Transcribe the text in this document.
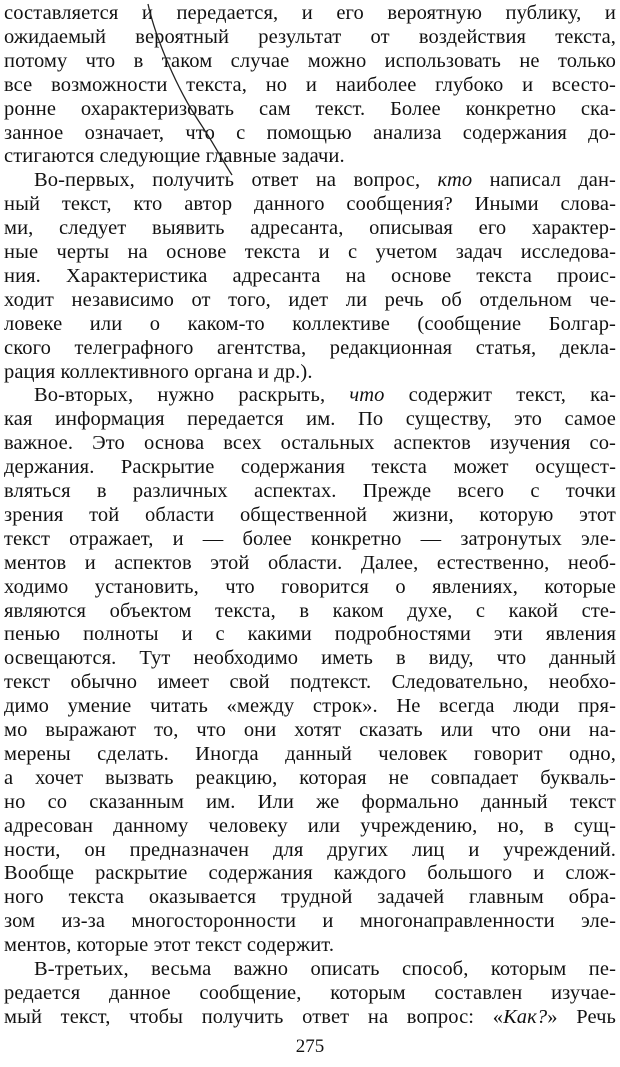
составляется и передается, и его вероятную публику, и
ожидаемый вероятный результат от воздействия текста,
потому что в таком случае можно использовать не только
все возможности текста, но и наиболее глубоко и всесто-
ронне охарактеризовать сам текст. Более конкретно ска-
занное означает, что с помощью анализа содержания до-
стигаются следующие главные задачи.
Во-первых, получить ответ на вопрос, кто написал дан-
ный текст, кто автор данного сообщения? Иными слова-
ми, следует выявить адресанта, описывая его характер-
ные черты на основе текста и с учетом задач исследова-
ния. Характеристика адресанта на основе текста проис-
ходит независимо от того, идет ли речь об отдельном че-
ловеке или о каком-то коллективе (сообщение Болгар-
ского телеграфного агентства, редакционная статья, декла-
рация коллективного органа и др.).
Во-вторых, нужно раскрыть, что содержит текст, ка-
кая информация передается им. По существу, это самое
важное. Это основа всех остальных аспектов изучения со-
держания. Раскрытие содержания текста может осущест-
вляться в различных аспектах. Прежде всего с точки
зрения той области общественной жизни, которую этот
текст отражает, и — более конкретно — затронутых эле-
ментов и аспектов этой области. Далее, естественно, необ-
ходимо установить, что говорится о явлениях, которые
являются объектом текста, в каком духе, с какой сте-
пенью полноты и с какими подробностями эти явления
освещаются. Тут необходимо иметь в виду, что данный
текст обычно имеет свой подтекст. Следовательно, необхо-
димо умение читать «между строк». Не всегда люди пря-
мо выражают то, что они хотят сказать или что они на-
мерены сделать. Иногда данный человек говорит одно,
а хочет вызвать реакцию, которая не совпадает букваль-
но со сказанным им. Или же формально данный текст
адресован данному человеку или учреждению, но, в сущ-
ности, он предназначен для других лиц и учреждений.
Вообще раскрытие содержания каждого большого и слож-
ного текста оказывается трудной задачей главным обра-
зом из-за многосторонности и многонаправленности эле-
ментов, которые этот текст содержит.
В-третьих, весьма важно описать способ, которым пе-
редается данное сообщение, которым составлен изучае-
мый текст, чтобы получить ответ на вопрос: «Как?» Речь
275
